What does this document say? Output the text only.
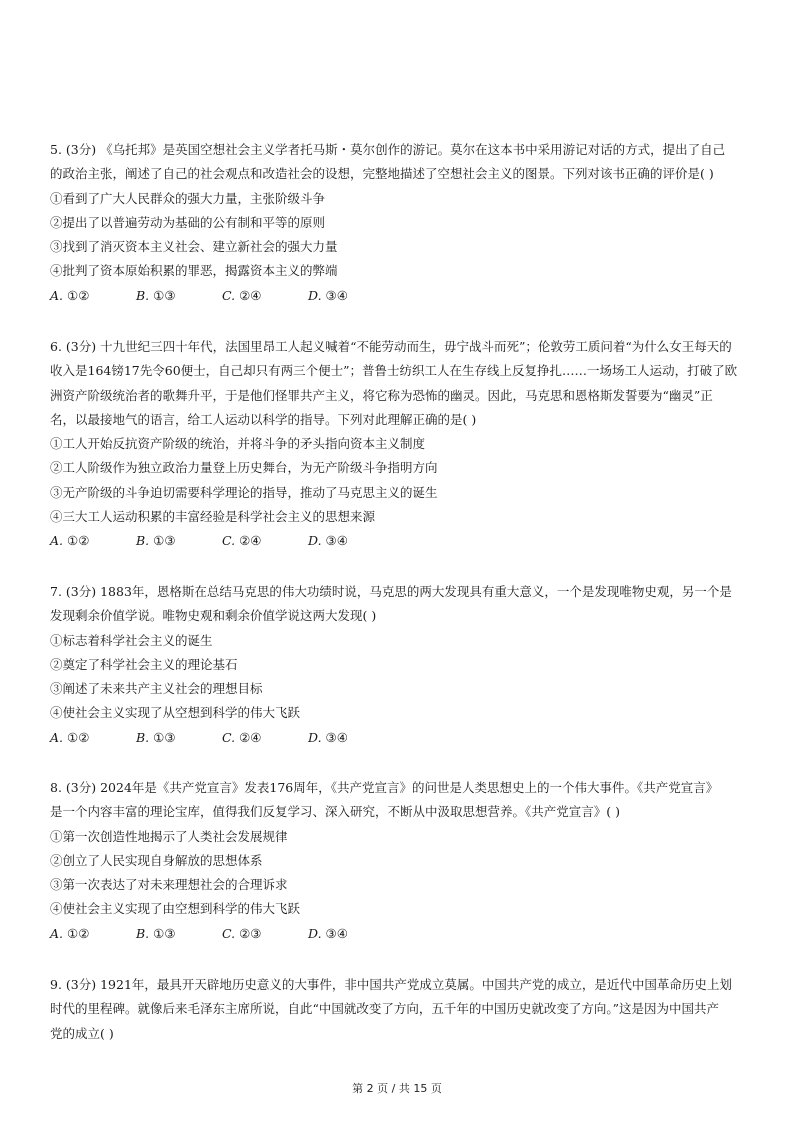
5. (3分) 《乌托邦》是英国空想社会主义学者托马斯・莫尔创作的游记。莫尔在这本书中采用游记对话的方式，提出了自己

的政治主张，阐述了自己的社会观点和改造社会的设想，完整地描述了空想社会主义的图景。下列对该书正确的评价是( )

①看到了广大人民群众的强大力量，主张阶级斗争

②提出了以普遍劳动为基础的公有制和平等的原则

③找到了消灭资本主义社会、建立新社会的强大力量

④批判了资本原始积累的罪恶，揭露资本主义的弊端

A. ①②	B. ①③	C. ②④	D. ③④

6. (3分) 十九世纪三四十年代，法国里昂工人起义喊着“不能劳动而生，毋宁战斗而死”；伦敦劳工质问着“为什么女王每天的

收入是164镑17先令60便士，自己却只有两三个便士”；普鲁士纺织工人在生存线上反复挣扎……一场场工人运动，打破了欧

洲资产阶级统治者的歌舞升平，于是他们怪罪共产主义，将它称为恐怖的幽灵。因此，马克思和恩格斯发誓要为“幽灵”正

名，以最接地气的语言，给工人运动以科学的指导。下列对此理解正确的是( )

①工人开始反抗资产阶级的统治，并将斗争的矛头指向资本主义制度

②工人阶级作为独立政治力量登上历史舞台，为无产阶级斗争指明方向

③无产阶级的斗争迫切需要科学理论的指导，推动了马克思主义的诞生

④三大工人运动积累的丰富经验是科学社会主义的思想来源

A. ①②	B. ①③	C. ②④	D. ③④

7. (3分) 1883年，恩格斯在总结马克思的伟大功绩时说，马克思的两大发现具有重大意义，一个是发现唯物史观，另一个是

发现剩余价值学说。唯物史观和剩余价值学说这两大发现( )

①标志着科学社会主义的诞生

②奠定了科学社会主义的理论基石

③阐述了未来共产主义社会的理想目标

④使社会主义实现了从空想到科学的伟大飞跃

A. ①②	B. ①③	C. ②④	D. ③④

8. (3分) 2024年是《共产党宣言》发表176周年，《共产党宣言》的问世是人类思想史上的一个伟大事件。《共产党宣言》

是一个内容丰富的理论宝库，值得我们反复学习、深入研究，不断从中汲取思想营养。《共产党宣言》( )

①第一次创造性地揭示了人类社会发展规律

②创立了人民实现自身解放的思想体系

③第一次表达了对未来理想社会的合理诉求

④使社会主义实现了由空想到科学的伟大飞跃

A. ①②	B. ①③	C. ②③	D. ③④

9. (3分) 1921年，最具开天辟地历史意义的大事件，非中国共产党成立莫属。中国共产党的成立，是近代中国革命历史上划

时代的里程碑。就像后来毛泽东主席所说，自此“中国就改变了方向，五千年的中国历史就改变了方向。”这是因为中国共产

党的成立( )

第 2 页 / 共 15 页
